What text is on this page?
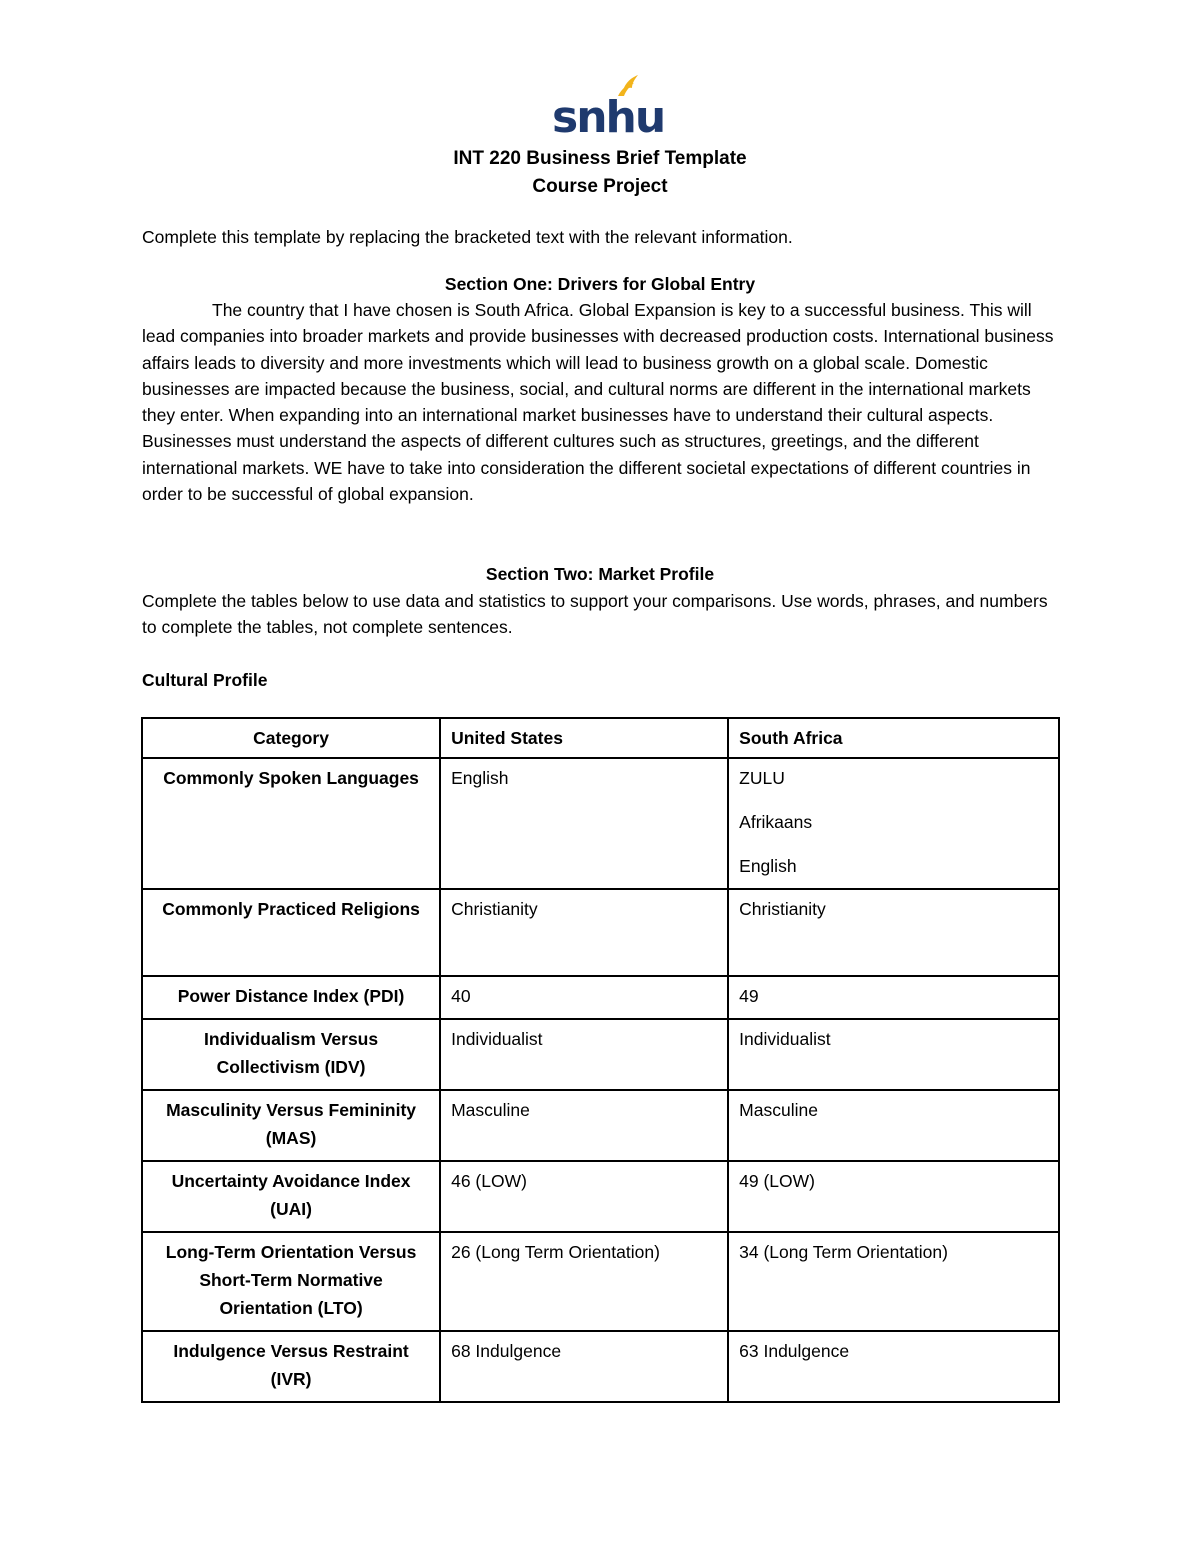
snhu
INT 220 Business Brief Template
Course Project
Complete this template by replacing the bracketed text with the relevant information.
Section One: Drivers for Global Entry
The country that I have chosen is South Africa. Global Expansion is key to a successful business. This will lead companies into broader markets and provide businesses with decreased production costs. International business affairs leads to diversity and more investments which will lead to business growth on a global scale. Domestic businesses are impacted because the business, social, and cultural norms are different in the international markets they enter. When expanding into an international market businesses have to understand their cultural aspects. Businesses must understand the aspects of different cultures such as structures, greetings, and the different international markets. WE have to take into consideration the different societal expectations of different countries in order to be successful of global expansion.
Section Two: Market Profile
Complete the tables below to use data and statistics to support your comparisons. Use words, phrases, and numbers to complete the tables, not complete sentences.
Cultural Profile
Category	United States	South Africa
Commonly Spoken Languages	English	ZULU
Afrikaans
English

Commonly Practiced Religions	Christianity	Christianity
Power Distance Index (PDI)	40	49
Individualism Versus Collectivism (IDV)	Individualist	Individualist
Masculinity Versus Femininity (MAS)	Masculine	Masculine
Uncertainty Avoidance Index (UAI)	46 (LOW)	49 (LOW)
Long-Term Orientation Versus Short-Term Normative Orientation (LTO)	26 (Long Term Orientation)	34 (Long Term Orientation)
Indulgence Versus Restraint (IVR)	68 Indulgence	63 Indulgence
